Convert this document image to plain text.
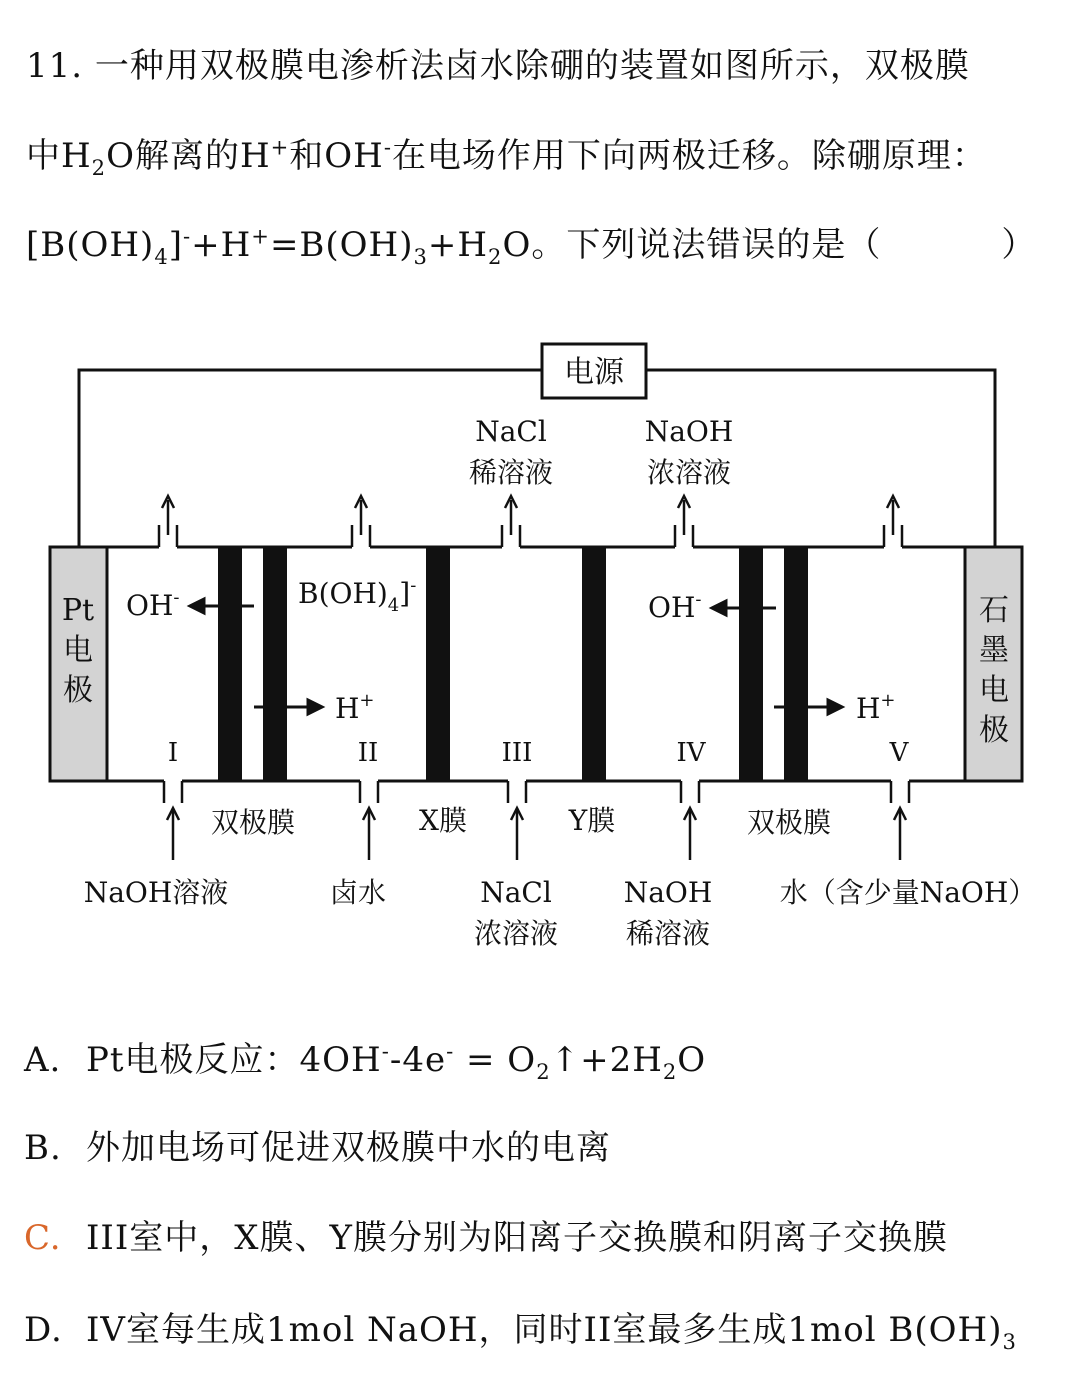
11. 一种用双极膜电渗析法卤水除硼的装置如图所示，双极膜
中$H_2O$解离的H+和OH-在电场作用下向两极迁移。除硼原理：
$[B(OH)_4]^-+H^+=B(OH)_3+H_2O$。下列说法错误的是（	）
电源
Pt
电
极
石
墨
电
极
OH-
H+
$B(OH)_4]^-$
OH-
H+
I	II	III	IV	V
双极膜	X膜	Y膜	双极膜
NaCl
稀溶液
NaOH
浓溶液
NaOH溶液	卤水	NaCl
浓溶液
NaOH
稀溶液
水（含少量NaOH）
A. Pt电极反应：$4OH^--4e^- = O_2↑+2H_2O$
B. 外加电场可促进双极膜中水的电离
C. III室中，X膜、Y膜分别为阳离子交换膜和阴离子交换膜
D. IV室每生成1mol NaOH，同时II室最多生成1mol $B(OH)_3$
